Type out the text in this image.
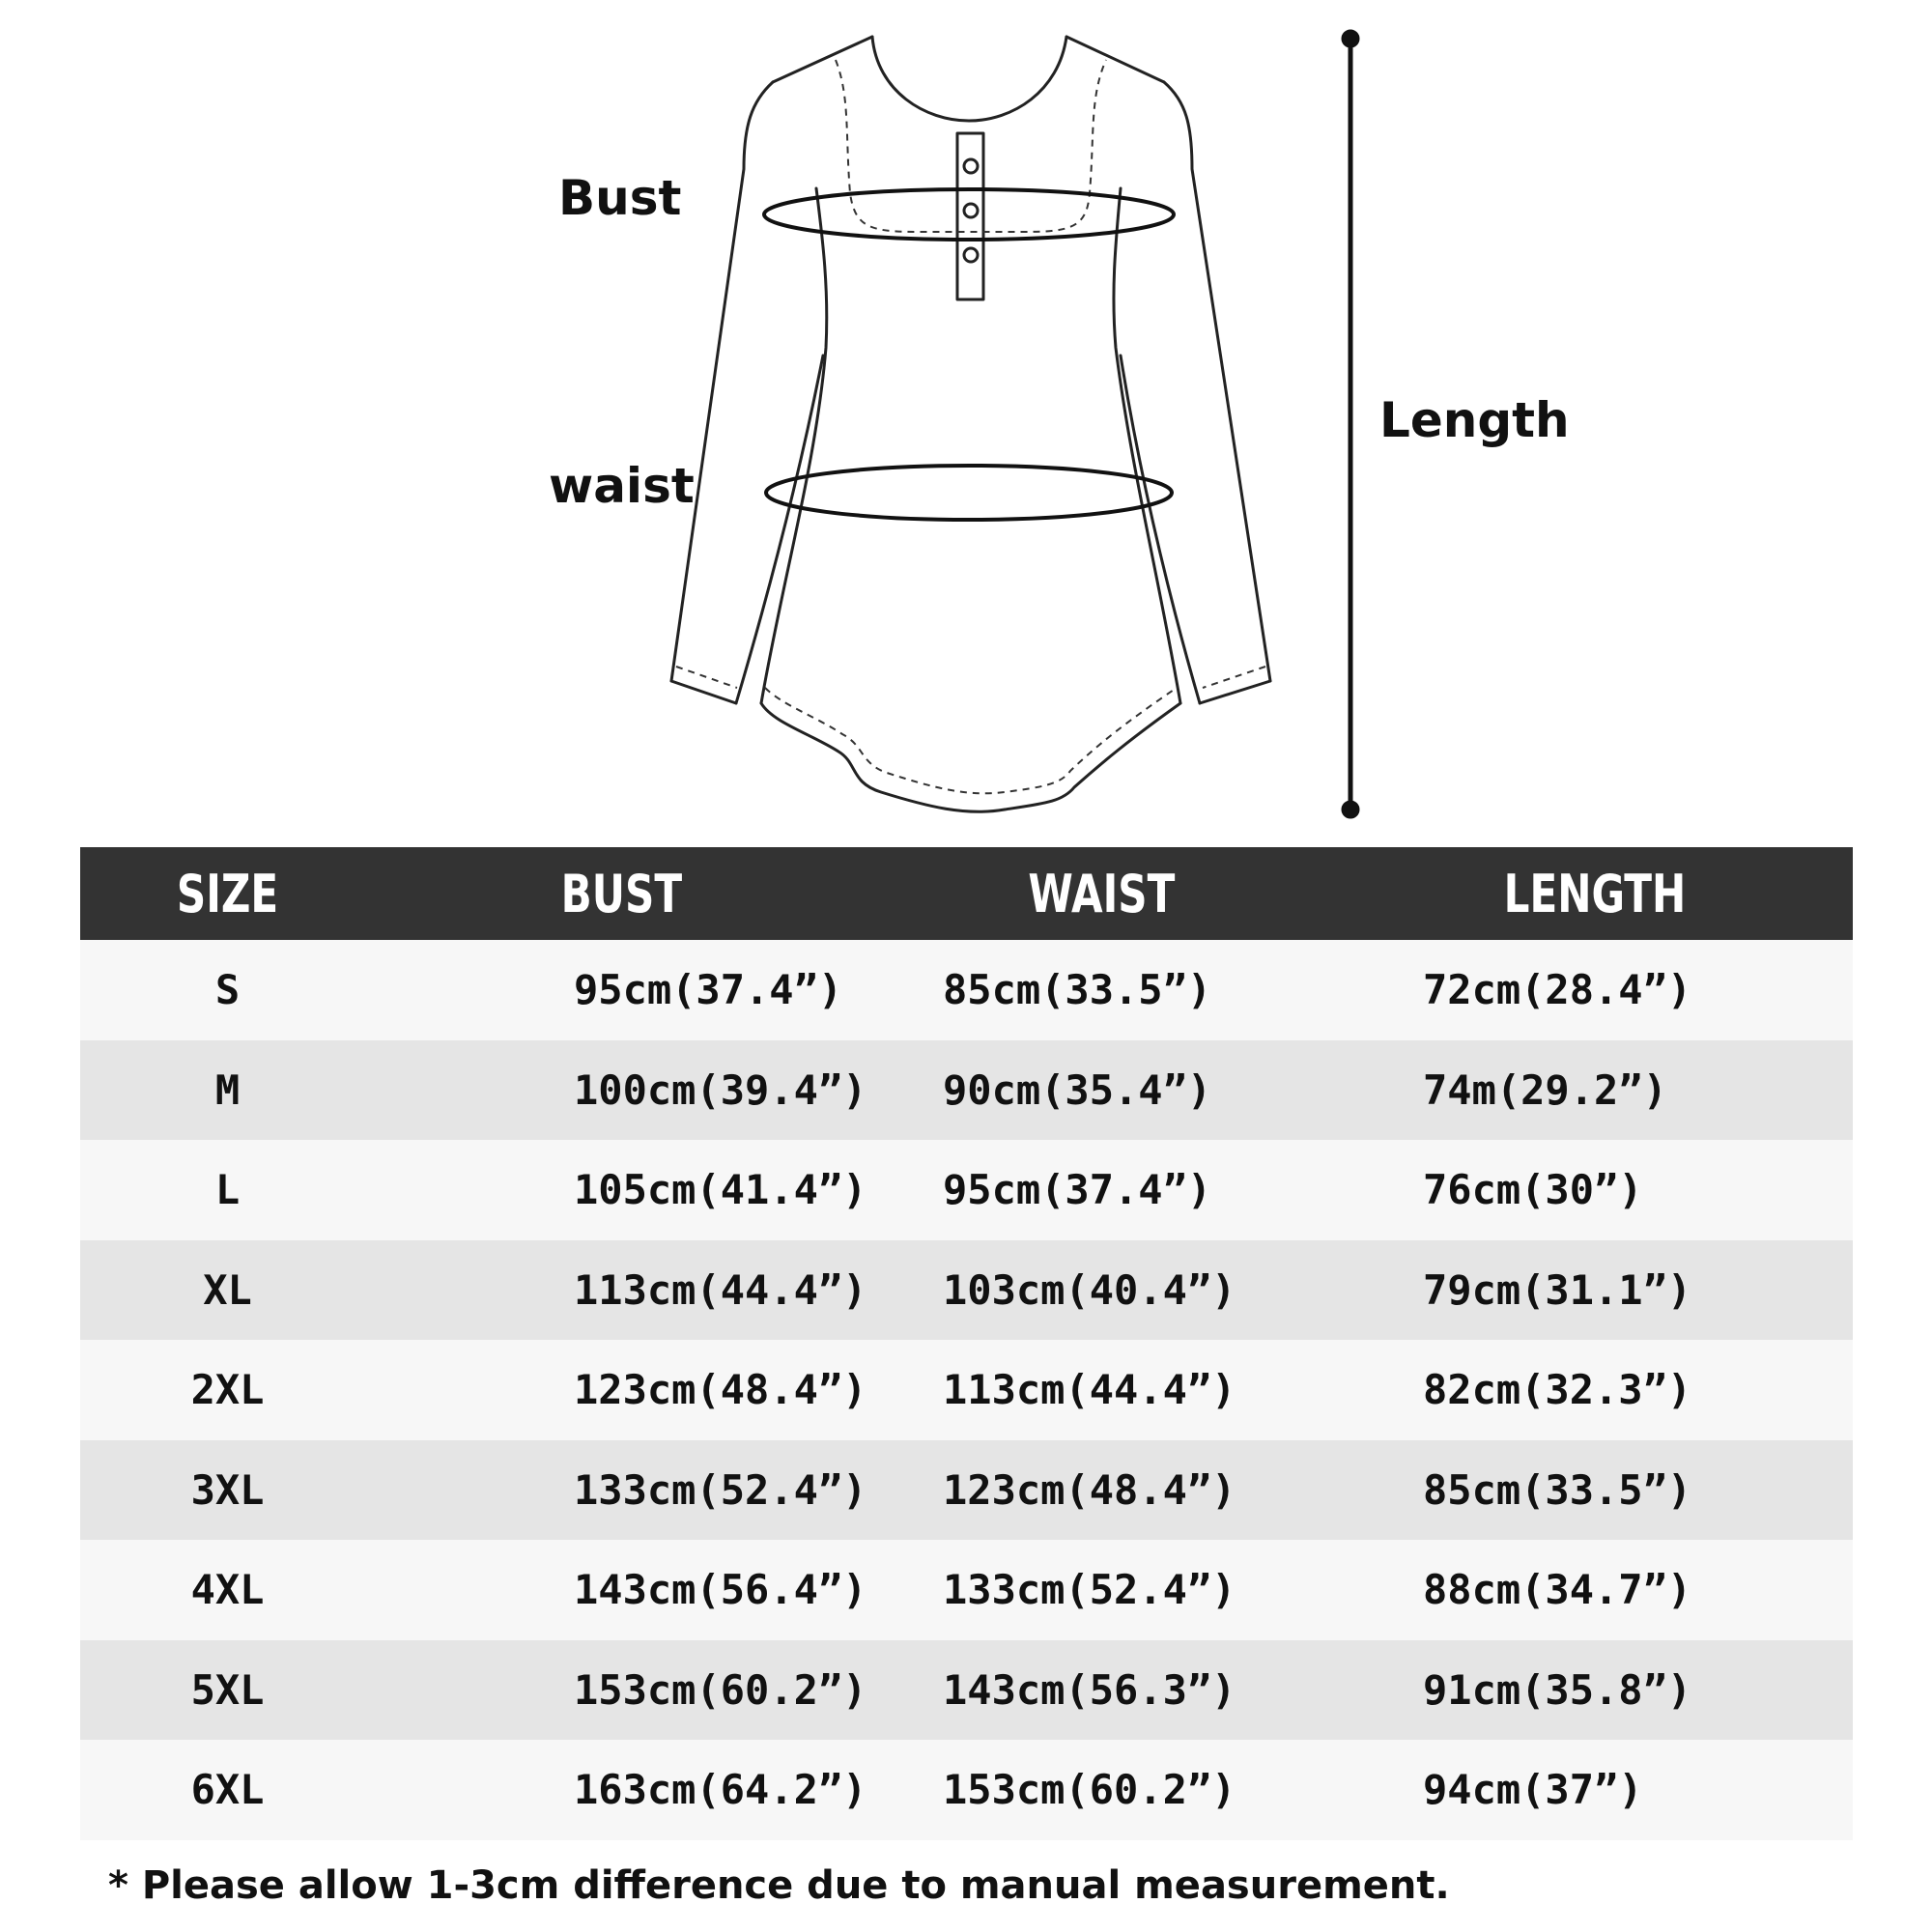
Bust
waist
Length
SIZE	BUST	WAIST	LENGTH
S	95cm(37.4”)	85cm(33.5”)	72cm(28.4”)
M	100cm(39.4”)	90cm(35.4”)	74m(29.2”)
L	105cm(41.4”)	95cm(37.4”)	76cm(30”)
XL	113cm(44.4”)	103cm(40.4”)	79cm(31.1”)
2XL	123cm(48.4”)	113cm(44.4”)	82cm(32.3”)
3XL	133cm(52.4”)	123cm(48.4”)	85cm(33.5”)
4XL	143cm(56.4”)	133cm(52.4”)	88cm(34.7”)
5XL	153cm(60.2”)	143cm(56.3”)	91cm(35.8”)
6XL	163cm(64.2”)	153cm(60.2”)	94cm(37”)
* Please allow 1-3cm difference due to manual measurement.
